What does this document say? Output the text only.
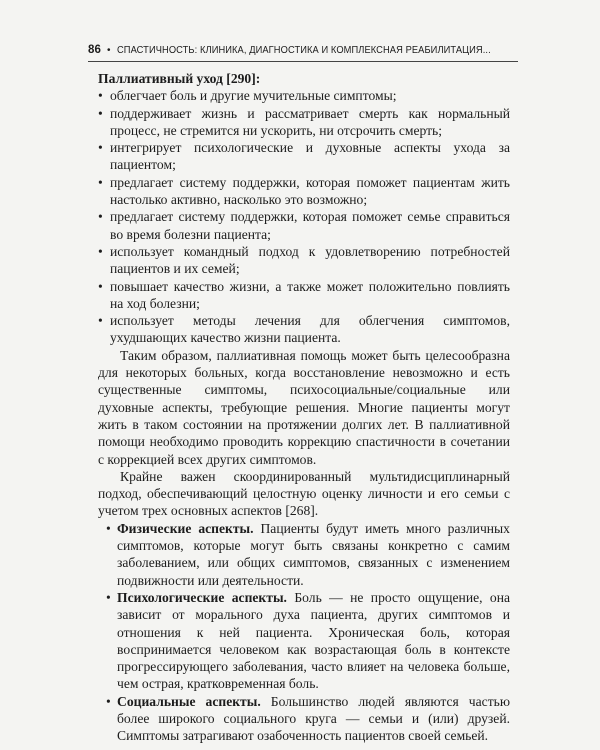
86 • СПАСТИЧНОСТЬ: КЛИНИКА, ДИАГНОСТИКА И КОМПЛЕКСНАЯ РЕАБИЛИТАЦИЯ...

Паллиативный уход [290]:

• облегчает боль и другие мучительные симптомы;
• поддерживает жизнь и рассматривает смерть как нормальный процесс, не стремится ни ускорить, ни отсрочить смерть;
• интегрирует психологические и духовные аспекты ухода за пациентом;
• предлагает систему поддержки, которая поможет пациентам жить настолько активно, насколько это возможно;
• предлагает систему поддержки, которая поможет семье справиться во время болезни пациента;
• использует командный подход к удовлетворению потребностей пациентов и их семей;
• повышает качество жизни, а также может положительно повлиять на ход болезни;
• использует методы лечения для облегчения симптомов, ухудшающих качество жизни пациента.

Таким образом, паллиативная помощь может быть целесообразна для некоторых больных, когда восстановление невозможно и есть существенные симптомы, психосоциальные/социальные или духовные аспекты, требующие решения. Многие пациенты могут жить в таком состоянии на протяжении долгих лет. В паллиативной помощи необходимо проводить коррекцию спастичности в сочетании с коррекцией всех других симптомов.

Крайне важен скоординированный мультидисциплинарный подход, обеспечивающий целостную оценку личности и его семьи с учетом трех основных аспектов [268].

• Физические аспекты. Пациенты будут иметь много различных симптомов, которые могут быть связаны конкретно с самим заболеванием, или общих симптомов, связанных с изменением подвижности или деятельности.
• Психологические аспекты. Боль — не просто ощущение, она зависит от морального духа пациента, других симптомов и отношения к ней пациента. Хроническая боль, которая воспринимается человеком как возрастающая боль в контексте прогрессирующего заболевания, часто влияет на человека больше, чем острая, кратковременная боль.
• Социальные аспекты. Большинство людей являются частью более широкого социального круга — семьи и (или) друзей. Симптомы затрагивают озабоченность пациентов своей семьей.
